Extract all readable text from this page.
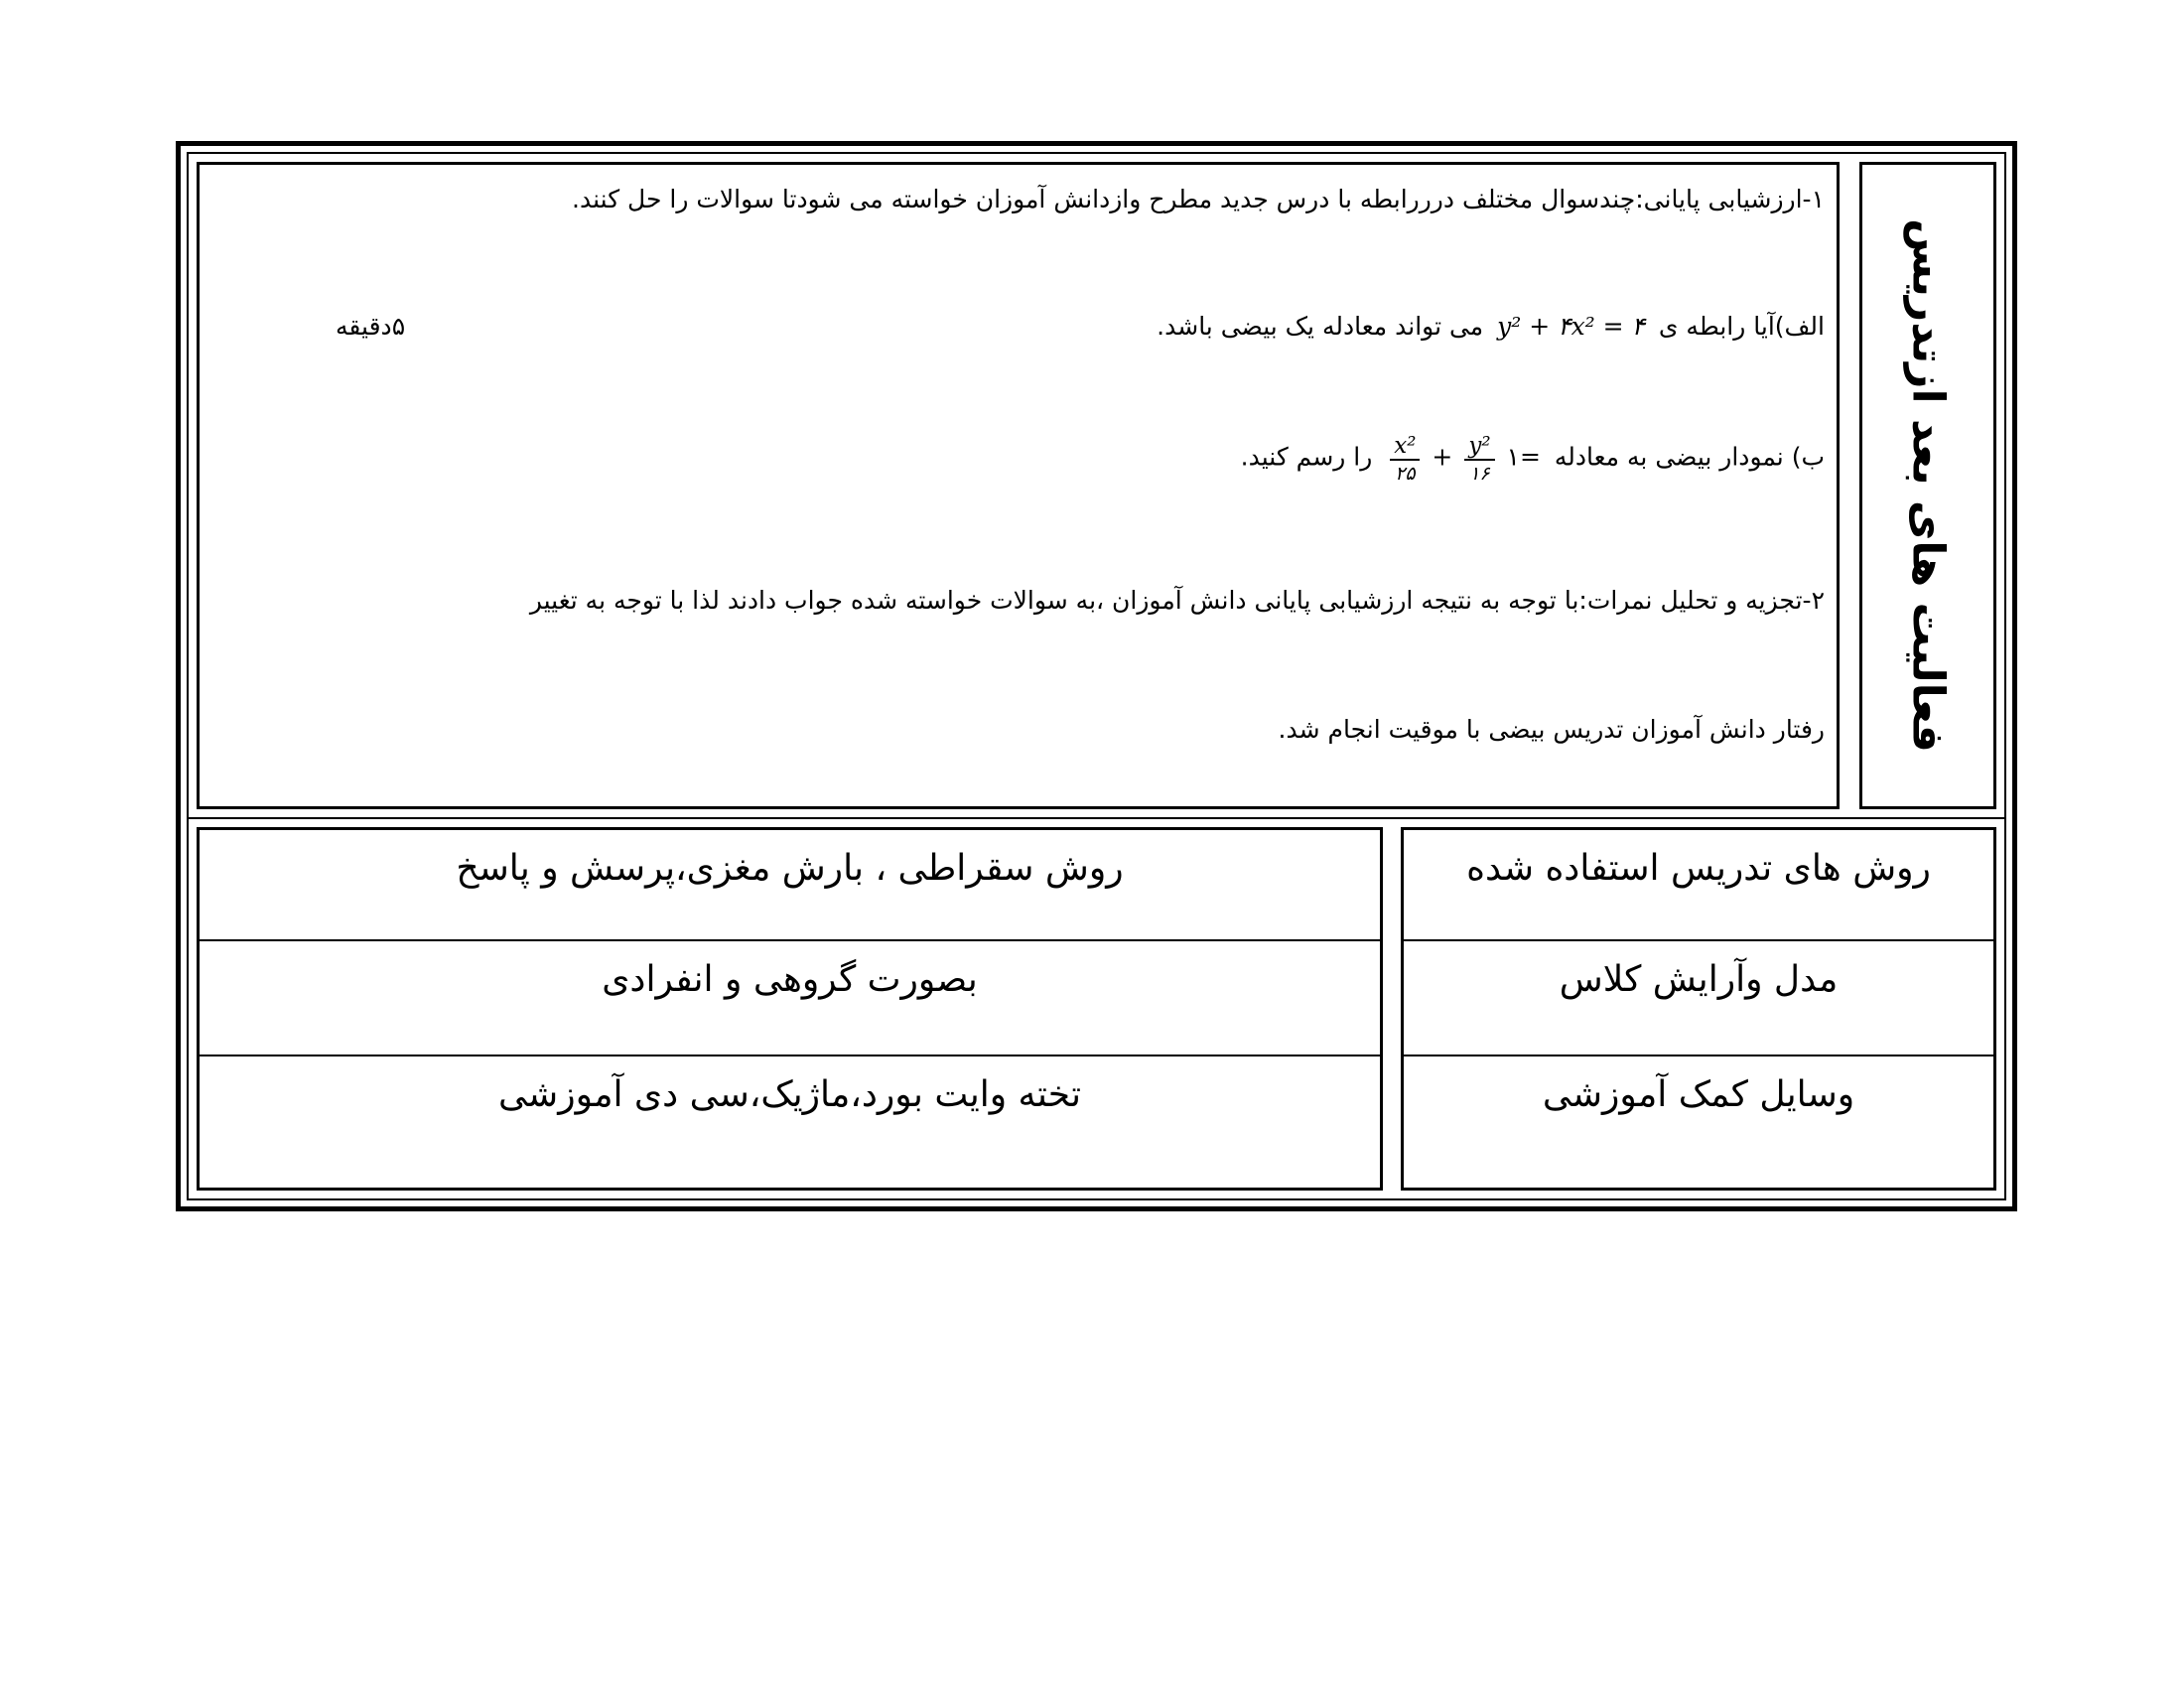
فعالیت های بعد ازتدریس
۱-ارزشیابی پایانی:چندسوال مختلف درررابطه با درس جدید مطرح وازدانش آموزان خواسته می شودتا سوالات را حل کنند.
الف)آیا رابطه ی y² + ۴x² = ۴ می تواند معادله یک بیضی باشد.
۵دقیقه
ب) نمودار بیضی به معادله
$\frac{\text{x²}}{۲۵} + \frac{\text{y²}}{۱۶}$ =۱ را رسم کنید.
۲-تجزیه و تحلیل نمرات:با توجه به نتیجه ارزشیابی پایانی دانش آموزان ،به سوالات خواسته شده جواب دادند لذا با توجه به تغییر
رفتار دانش آموزان تدریس بیضی با موقیت انجام شد.
روش های تدریس استفاده شده
مدل وآرایش کلاس
وسایل کمک آموزشی
روش سقراطی ، بارش مغزی،پرسش و پاسخ
بصورت گروهی و انفرادی
تخته وایت بورد،ماژیک،سی دی آموزشی
